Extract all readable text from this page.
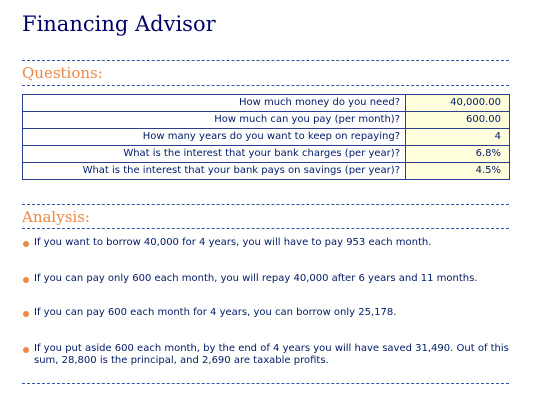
Financing Advisor
Questions:
How much money do you need?	40,000.00
How much can you pay (per month)?	600.00
How many years do you want to keep on repaying?	4
What is the interest that your bank charges (per year)?	6.8%
What is the interest that your bank pays on savings (per year)?	4.5%
Analysis:
If you want to borrow 40,000 for 4 years, you will have to pay 953 each month.
If you can pay only 600 each month, you will repay 40,000 after 6 years and 11 months.
If you can pay 600 each month for 4 years, you can borrow only 25,178.
If you put aside 600 each month, by the end of 4 years you will have saved 31,490. Out of this sum, 28,800 is the principal, and 2,690 are taxable profits.
